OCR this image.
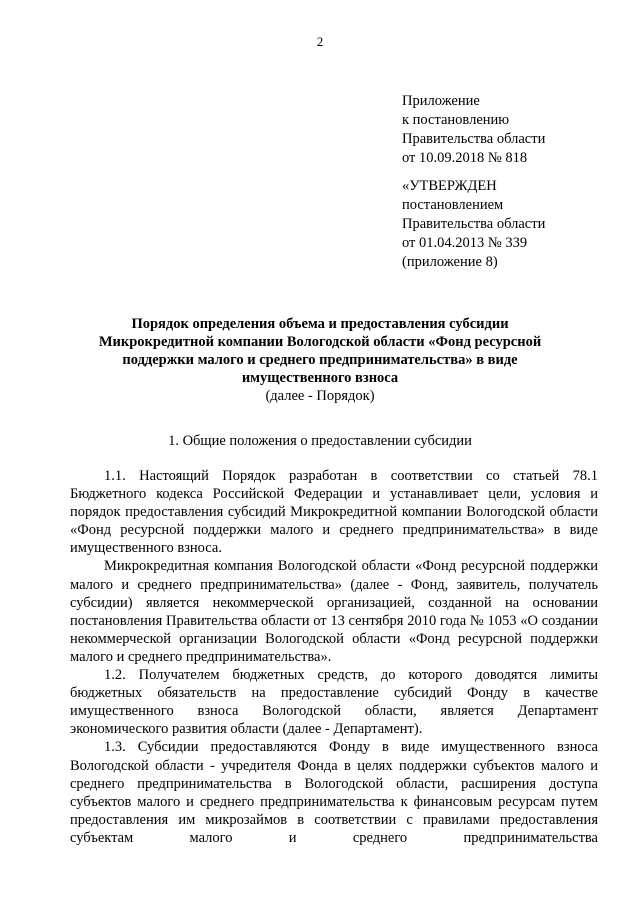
2
Приложение
к постановлению
Правительства области
от 10.09.2018 № 818
«УТВЕРЖДЕН
постановлением
Правительства области
от 01.04.2013 № 339
(приложение 8)
Порядок определения объема и предоставления субсидии
Микрокредитной компании Вологодской области «Фонд ресурсной
поддержки малого и среднего предпринимательства» в виде
имущественного взноса
(далее - Порядок)
1. Общие положения о предоставлении субсидии

1.1. Настоящий Порядок разработан в соответствии со статьей 78.1 Бюджетного кодекса Российской Федерации и устанавливает цели, условия и порядок предоставления субсидий Микрокредитной компании Вологодской области «Фонд ресурсной поддержки малого и среднего предпринимательства» в виде имущественного взноса.

Микрокредитная компания Вологодской области «Фонд ресурсной поддержки малого и среднего предпринимательства» (далее - Фонд, заявитель, получатель субсидии) является некоммерческой организацией, созданной на основании постановления Правительства области от 13 сентября 2010 года № 1053 «О создании некоммерческой организации Вологодской области «Фонд ресурсной поддержки малого и среднего предпринимательства».

1.2. Получателем бюджетных средств, до которого доводятся лимиты бюджетных обязательств на предоставление субсидий Фонду в качестве имущественного взноса Вологодской области, является Департамент экономического развития области (далее - Департамент).

1.3. Субсидии предоставляются Фонду в виде имущественного взноса Вологодской области - учредителя Фонда в целях поддержки субъектов малого и среднего предпринимательства в Вологодской области, расширения доступа субъектов малого и среднего предпринимательства к финансовым ресурсам путем предоставления им микрозаймов в соответствии с правилами предоставления субъектам малого и среднего предпринимательства
